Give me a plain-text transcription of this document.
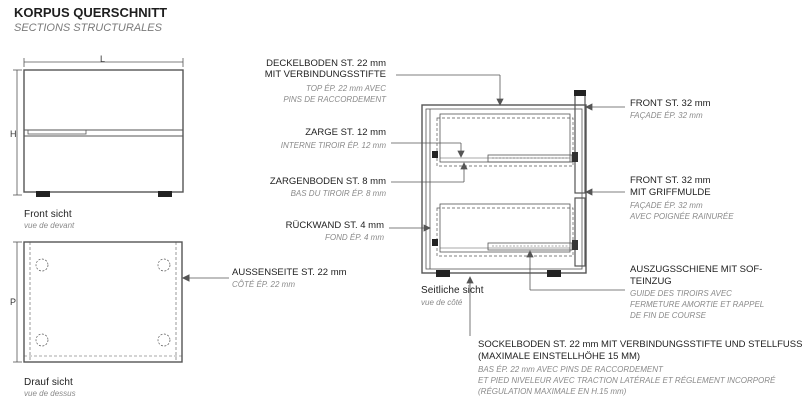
KORPUS QUERSCHNITT
SECTIONS STRUCTURALES
L
H
Front sicht
vue de devant
P
Drauf sicht
vue de dessus
AUSSENSEITE ST. 22 mm
CÔTÉ ÉP. 22 mm
DECKELBODEN ST. 22 mm
MIT VERBINDUNGSSTIFTE
TOP ÉP. 22 mm AVEC
PINS DE RACCORDEMENT
ZARGE ST. 12 mm
INTERNE TIROIR ÉP. 12 mm
ZARGENBODEN ST. 8 mm
BAS DU TIROIR ÉP. 8 mm
RÜCKWAND ST. 4 mm
FOND ÉP. 4 mm
Seitliche sicht
vue de côté
FRONT ST. 32 mm
FAÇADE ÉP. 32 mm
FRONT ST. 32 mm
MIT GRIFFMULDE
FAÇADE ÉP. 32 mm
AVEC POIGNÉE RAINURÉE
AUSZUGSSCHIENE MIT SOF-
TEINZUG
GUIDE DES TIROIRS AVEC
FERMETURE AMORTIE ET RAPPEL
DE FIN DE COURSE
SOCKELBODEN ST. 22 mm MIT VERBINDUNGSSTIFTE UND STELLFUSS
(MAXIMALE EINSTELLHÖHE 15 MM)
BAS ÉP. 22 mm AVEC PINS DE RACCORDEMENT
ET PIED NIVELEUR AVEC TRACTION LATÉRALE ET RÉGLEMENT INCORPORÉ
(RÉGULATION MAXIMALE EN H.15 mm)
